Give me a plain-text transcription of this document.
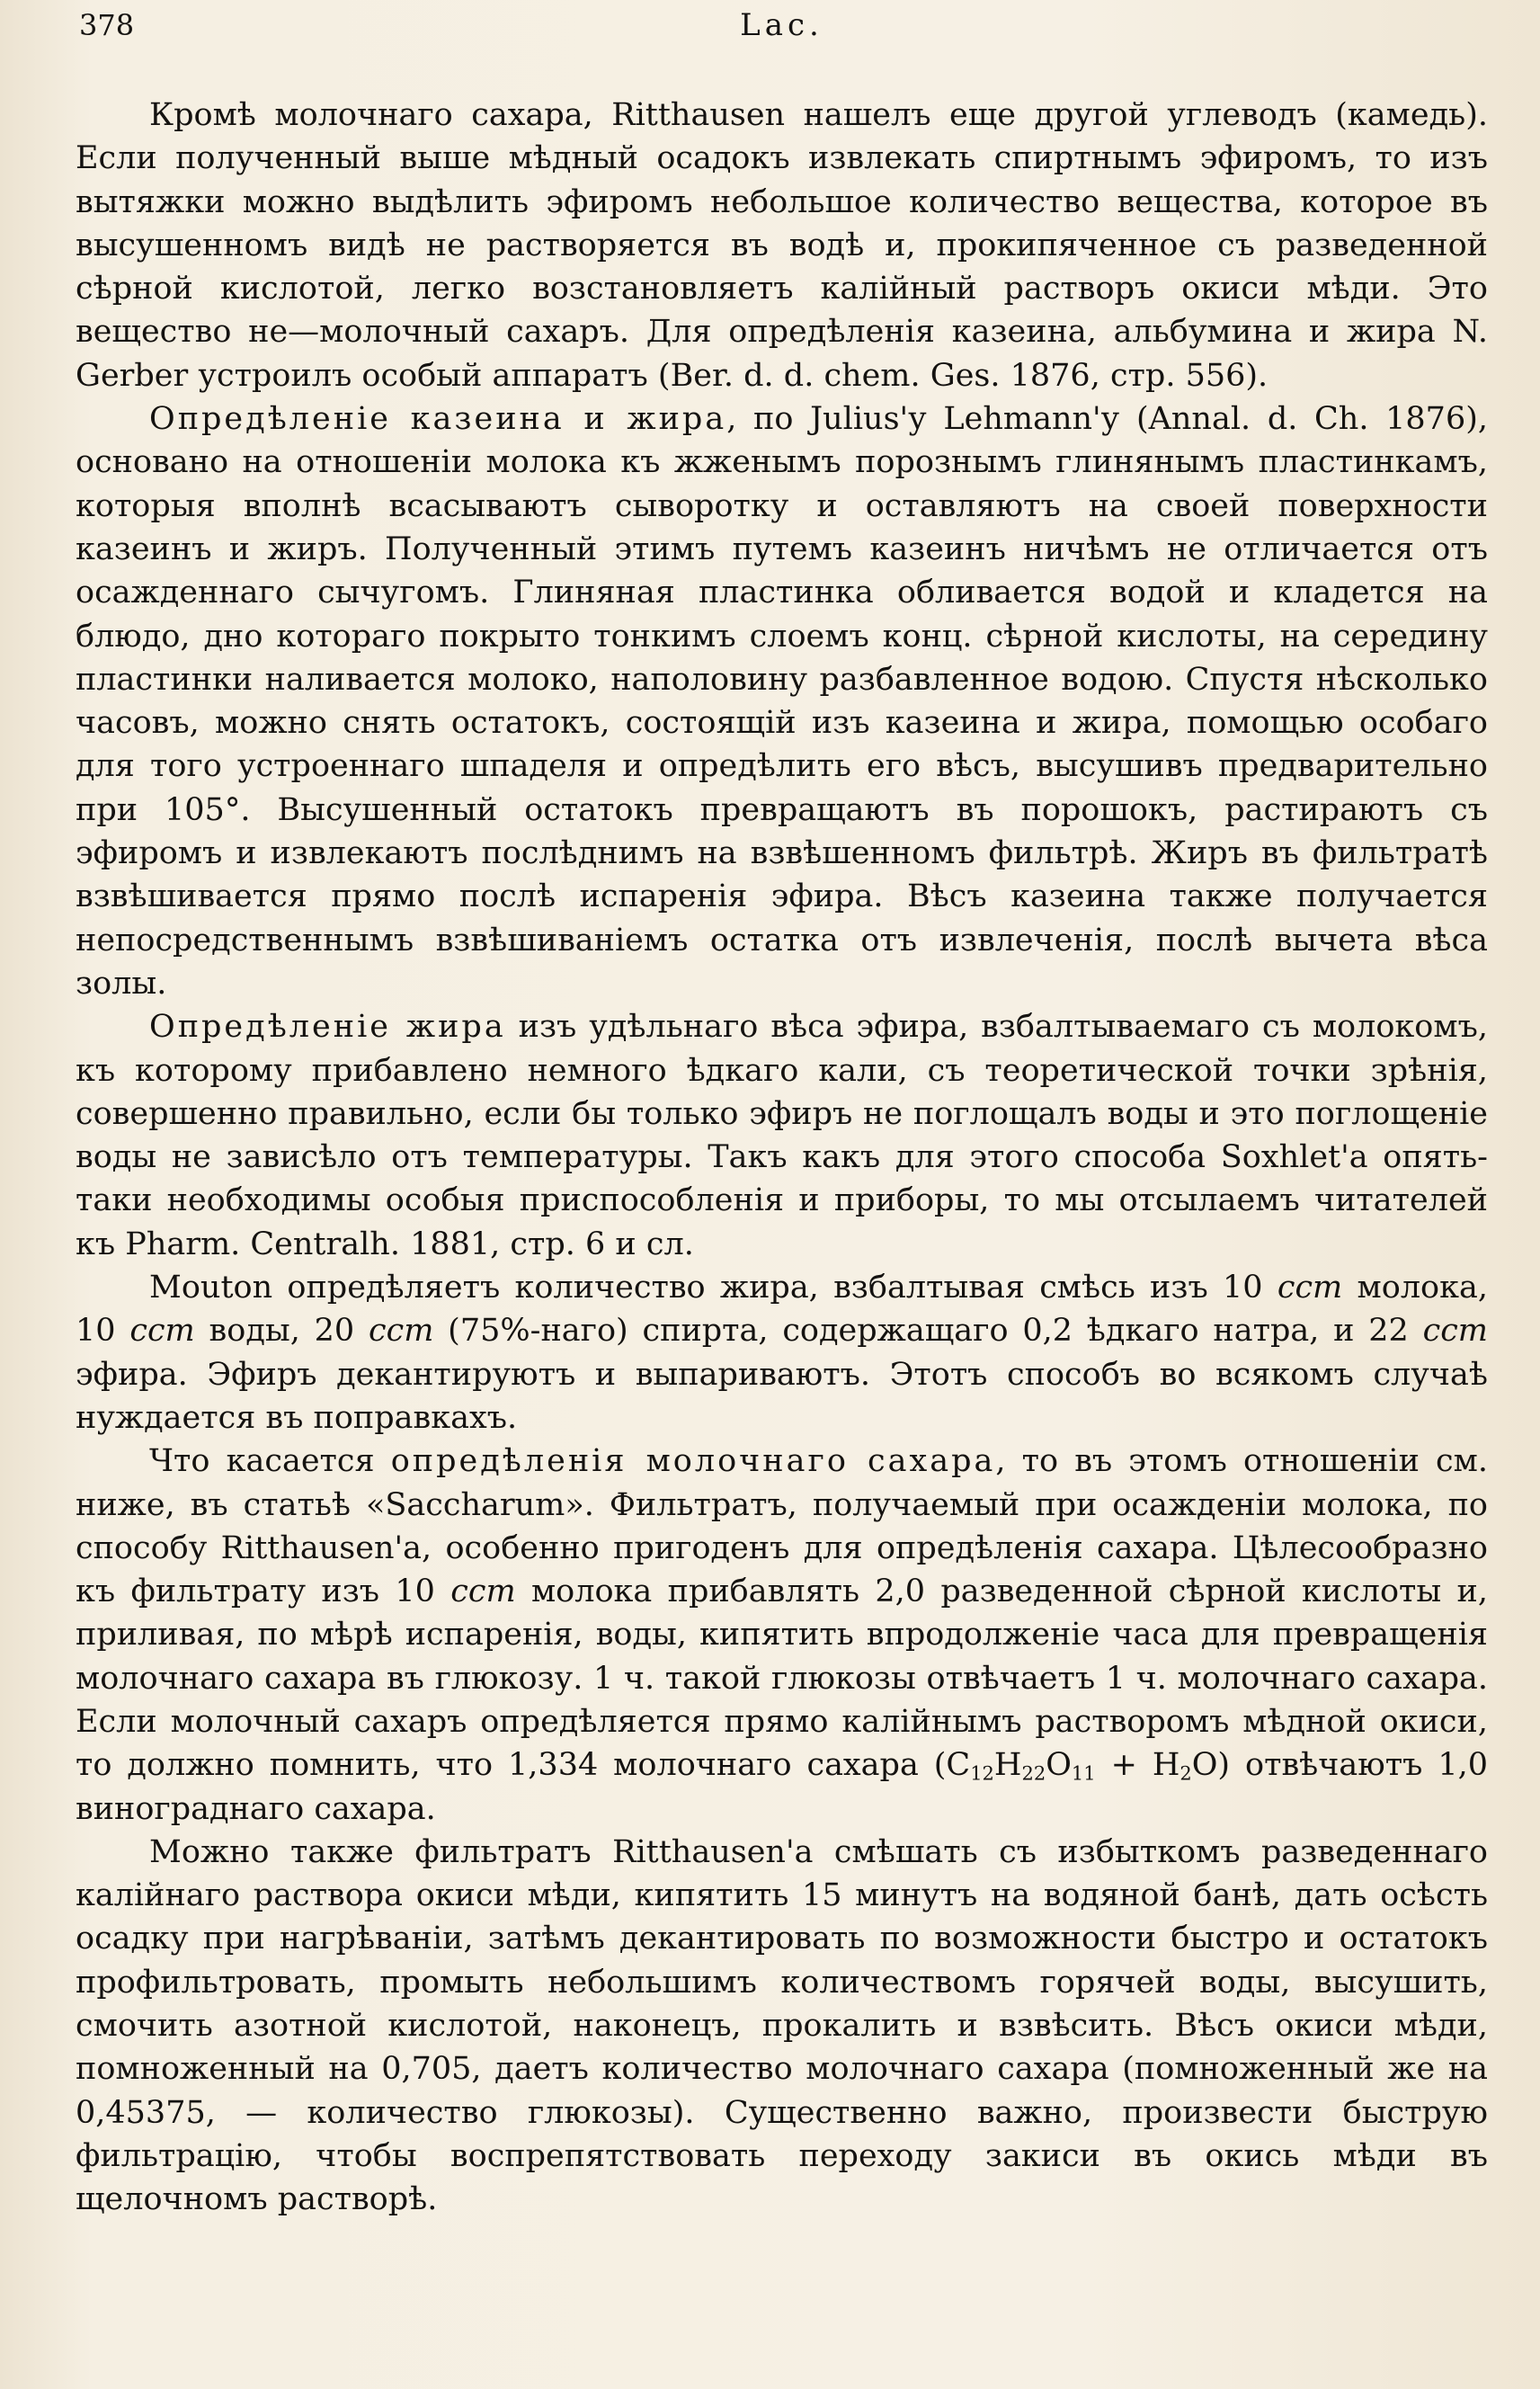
378	Lac.

Кромѣ молочнаго сахара, Ritthausen нашелъ еще другой углеводъ (камедь). Если полученный выше мѣдный осадокъ извлекать спиртнымъ эфиромъ, то изъ вытяжки можно выдѣлить эфиромъ небольшое количество вещества, которое въ высушенномъ видѣ не растворяется въ водѣ и, прокипяченное съ разведенной сѣрной кислотой, легко возстановляетъ калійный растворъ окиси мѣди. Это вещество не—молочный сахаръ. Для опредѣленія казеина, альбумина и жира N. Gerber устроилъ особый аппаратъ (Ber. d. d. chem. Ges. 1876, стр. 556).

Опредѣленіе казеина и жира, по Julius'у Lehmann'у (Annal. d. Ch. 1876), основано на отношеніи молока къ жженымъ порознымъ глинянымъ пластинкамъ, которыя вполнѣ всасываютъ сыворотку и оставляютъ на своей поверхности казеинъ и жиръ. Полученный этимъ путемъ казеинъ ничѣмъ не отличается отъ осажденнаго сычугомъ. Глиняная пластинка обливается водой и кладется на блюдо, дно котораго покрыто тонкимъ слоемъ конц. сѣрной кислоты, на середину пластинки наливается молоко, наполовину разбавленное водою. Спустя нѣсколько часовъ, можно снять остатокъ, состоящій изъ казеина и жира, помощью особаго для того устроеннаго шпаделя и опредѣлить его вѣсъ, высушивъ предварительно при 105°. Высушенный остатокъ превращаютъ въ порошокъ, растираютъ съ эфиромъ и извлекаютъ послѣднимъ на взвѣшенномъ фильтрѣ. Жиръ въ фильтратѣ взвѣшивается прямо послѣ испаренія эфира. Вѣсъ казеина также получается непосредственнымъ взвѣшиваніемъ остатка отъ извлеченія, послѣ вычета вѣса золы.

Опредѣленіе жира изъ удѣльнаго вѣса эфира, взбалтываемаго съ молокомъ, къ которому прибавлено немного ѣдкаго кали, съ теоретической точки зрѣнія, совершенно правильно, если бы только эфиръ не поглощалъ воды и это поглощеніе воды не зависѣло отъ температуры. Такъ какъ для этого способа Soxhlet'а опять-таки необходимы особыя приспособленія и приборы, то мы отсылаемъ читателей къ Pharm. Centralh. 1881, стр. 6 и сл.

Mouton опредѣляетъ количество жира, взбалтывая смѣсь изъ 10 ccm молока, 10 ccm воды, 20 ccm (75%-наго) спирта, содержащаго 0,2 ѣдкаго натра, и 22 ccm эфира. Эфиръ декантируютъ и выпариваютъ. Этотъ способъ во всякомъ случаѣ нуждается въ поправкахъ.

Что касается опредѣленія молочнаго сахара, то въ этомъ отношеніи см. ниже, въ статьѣ «Saccharum». Фильтратъ, получаемый при осажденіи молока, по способу Ritthausen'а, особенно пригоденъ для опредѣленія сахара. Цѣлесообразно къ фильтрату изъ 10 ccm молока прибавлять 2,0 разведенной сѣрной кислоты и, приливая, по мѣрѣ испаренія, воды, кипятить впродолженіе часа для превращенія молочнаго сахара въ глюкозу. 1 ч. такой глюкозы отвѣчаетъ 1 ч. молочнаго сахара. Если молочный сахаръ опредѣляется прямо калійнымъ растворомъ мѣдной окиси, то должно помнить, что 1,334 молочнаго сахара $(C_{12}H_{22}O_{11} + H_2O)$ отвѣчаютъ 1,0 винограднаго сахара.

Можно также фильтратъ Ritthausen'а смѣшать съ избыткомъ разведеннаго калійнаго раствора окиси мѣди, кипятить 15 минутъ на водяной банѣ, дать осѣсть осадку при нагрѣваніи, затѣмъ декантировать по возможности быстро и остатокъ профильтровать, промыть небольшимъ количествомъ горячей воды, высушить, смочить азотной кислотой, наконецъ, прокалить и взвѣсить. Вѣсъ окиси мѣди, помноженный на 0,705, даетъ количество молочнаго сахара (помноженный же на 0,45375, — количество глюкозы). Существенно важно, произвести быструю фильтрацію, чтобы воспрепятствовать переходу закиси въ окись мѣди въ щелочномъ растворѣ.
